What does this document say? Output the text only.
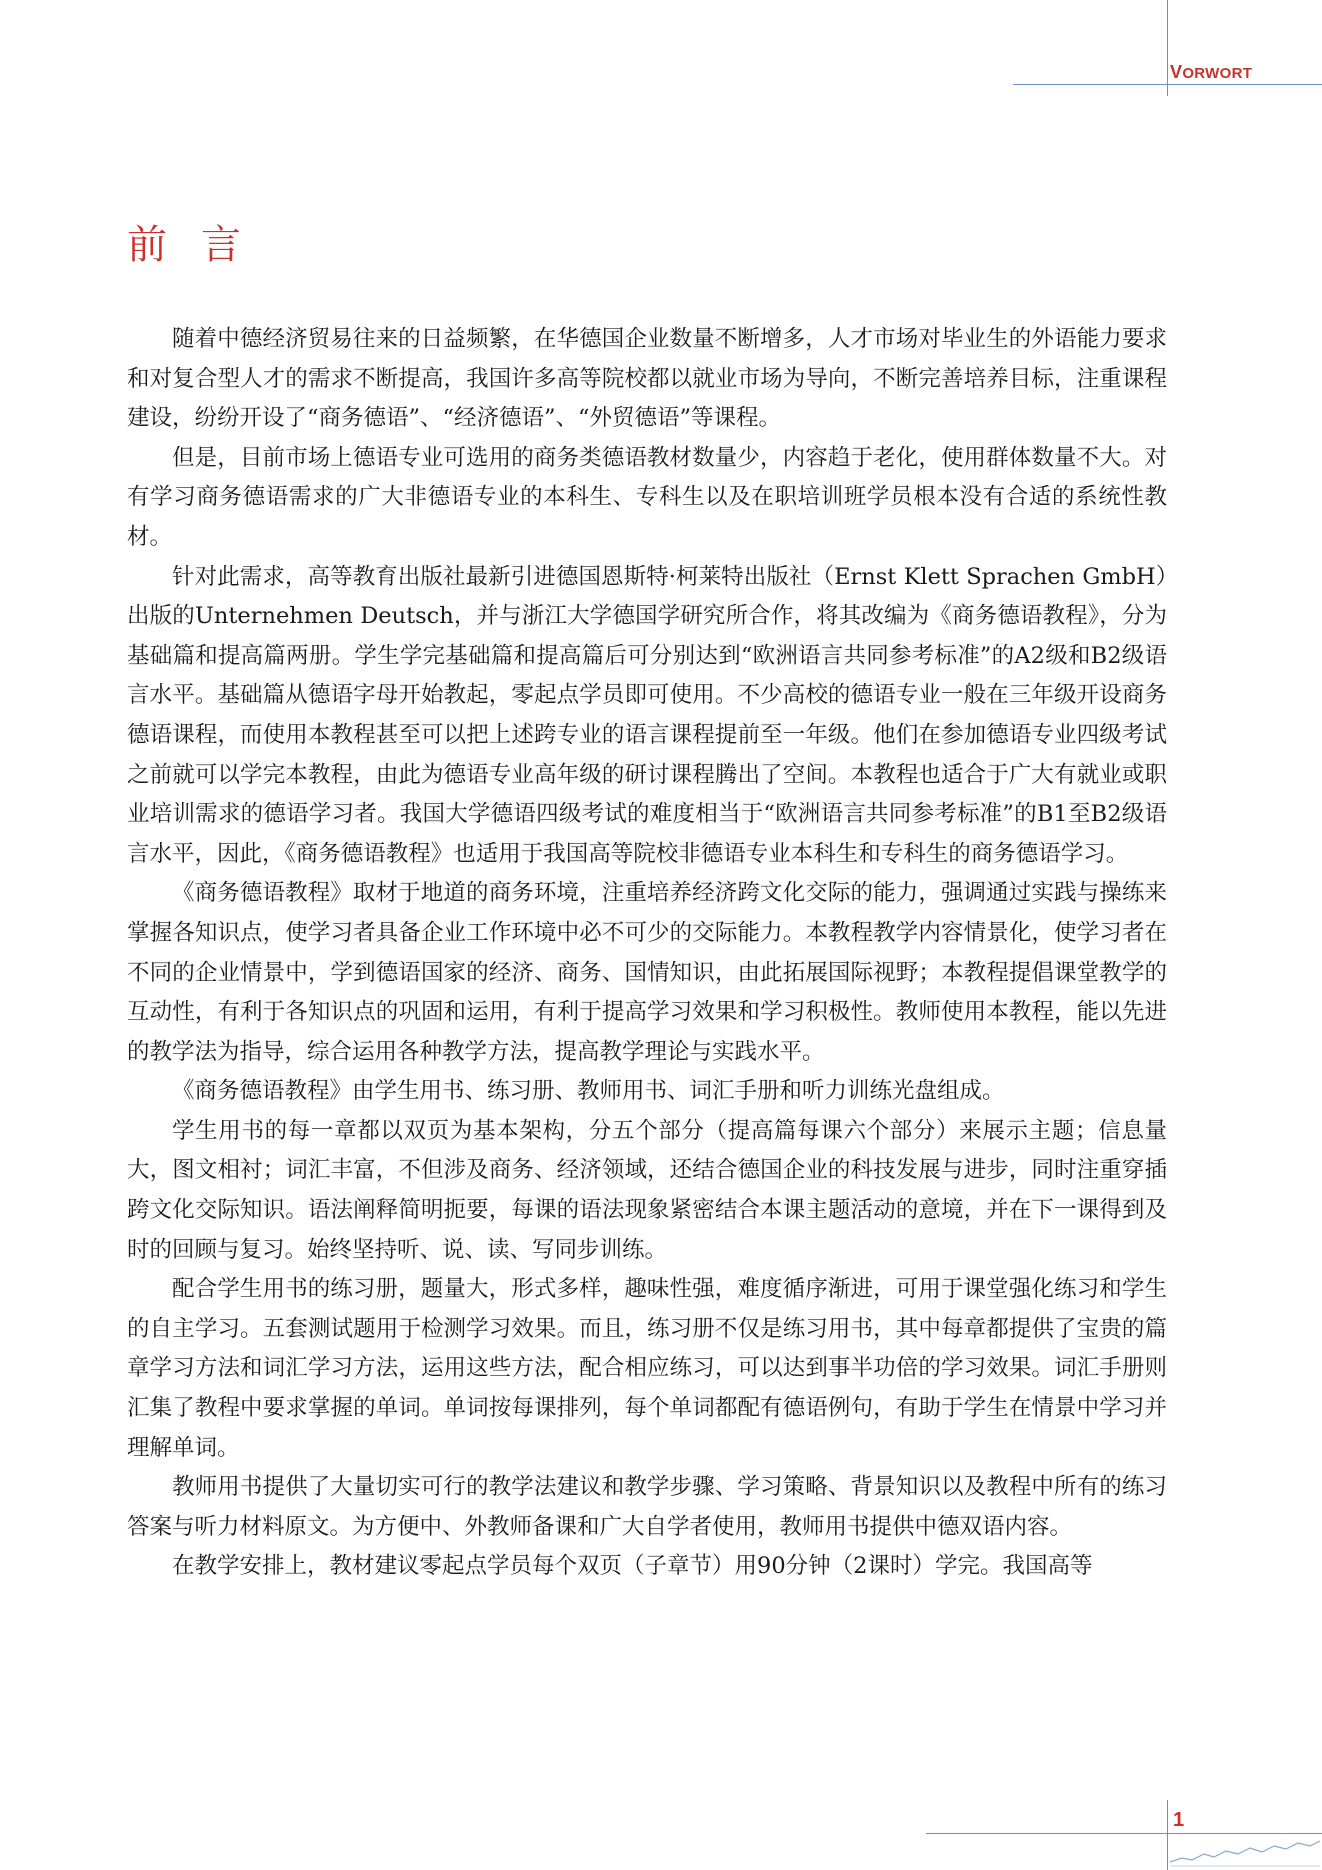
VORWORT
前言

随着中德经济贸易往来的日益频繁，在华德国企业数量不断增多，人才市场对毕业生的外语能力要求和对复合型人才的需求不断提高，我国许多高等院校都以就业市场为导向，不断完善培养目标，注重课程建设，纷纷开设了“商务德语”、“经济德语”、“外贸德语”等课程。

但是，目前市场上德语专业可选用的商务类德语教材数量少，内容趋于老化，使用群体数量不大。对有学习商务德语需求的广大非德语专业的本科生、专科生以及在职培训班学员根本没有合适的系统性教材。

针对此需求，高等教育出版社最新引进德国恩斯特·柯莱特出版社（Ernst Klett Sprachen GmbH）出版的Unternehmen Deutsch，并与浙江大学德国学研究所合作，将其改编为《商务德语教程》，分为基础篇和提高篇两册。学生学完基础篇和提高篇后可分别达到“欧洲语言共同参考标准”的A2级和B2级语言水平。基础篇从德语字母开始教起，零起点学员即可使用。不少高校的德语专业一般在三年级开设商务德语课程，而使用本教程甚至可以把上述跨专业的语言课程提前至一年级。他们在参加德语专业四级考试之前就可以学完本教程，由此为德语专业高年级的研讨课程腾出了空间。本教程也适合于广大有就业或职业培训需求的德语学习者。我国大学德语四级考试的难度相当于“欧洲语言共同参考标准”的B1至B2级语言水平，因此，《商务德语教程》也适用于我国高等院校非德语专业本科生和专科生的商务德语学习。

《商务德语教程》取材于地道的商务环境，注重培养经济跨文化交际的能力，强调通过实践与操练来掌握各知识点，使学习者具备企业工作环境中必不可少的交际能力。本教程教学内容情景化，使学习者在不同的企业情景中，学到德语国家的经济、商务、国情知识，由此拓展国际视野；本教程提倡课堂教学的互动性，有利于各知识点的巩固和运用，有利于提高学习效果和学习积极性。教师使用本教程，能以先进的教学法为指导，综合运用各种教学方法，提高教学理论与实践水平。

《商务德语教程》由学生用书、练习册、教师用书、词汇手册和听力训练光盘组成。

学生用书的每一章都以双页为基本架构，分五个部分（提高篇每课六个部分）来展示主题；信息量大，图文相衬；词汇丰富，不但涉及商务、经济领域，还结合德国企业的科技发展与进步，同时注重穿插跨文化交际知识。语法阐释简明扼要，每课的语法现象紧密结合本课主题活动的意境，并在下一课得到及时的回顾与复习。始终坚持听、说、读、写同步训练。

配合学生用书的练习册，题量大，形式多样，趣味性强，难度循序渐进，可用于课堂强化练习和学生的自主学习。五套测试题用于检测学习效果。而且，练习册不仅是练习用书，其中每章都提供了宝贵的篇章学习方法和词汇学习方法，运用这些方法，配合相应练习，可以达到事半功倍的学习效果。词汇手册则汇集了教程中要求掌握的单词。单词按每课排列，每个单词都配有德语例句，有助于学生在情景中学习并理解单词。

教师用书提供了大量切实可行的教学法建议和教学步骤、学习策略、背景知识以及教程中所有的练习答案与听力材料原文。为方便中、外教师备课和广大自学者使用，教师用书提供中德双语内容。

在教学安排上，教材建议零起点学员每个双页（子章节）用90分钟（2课时）学完。我国高等

1
